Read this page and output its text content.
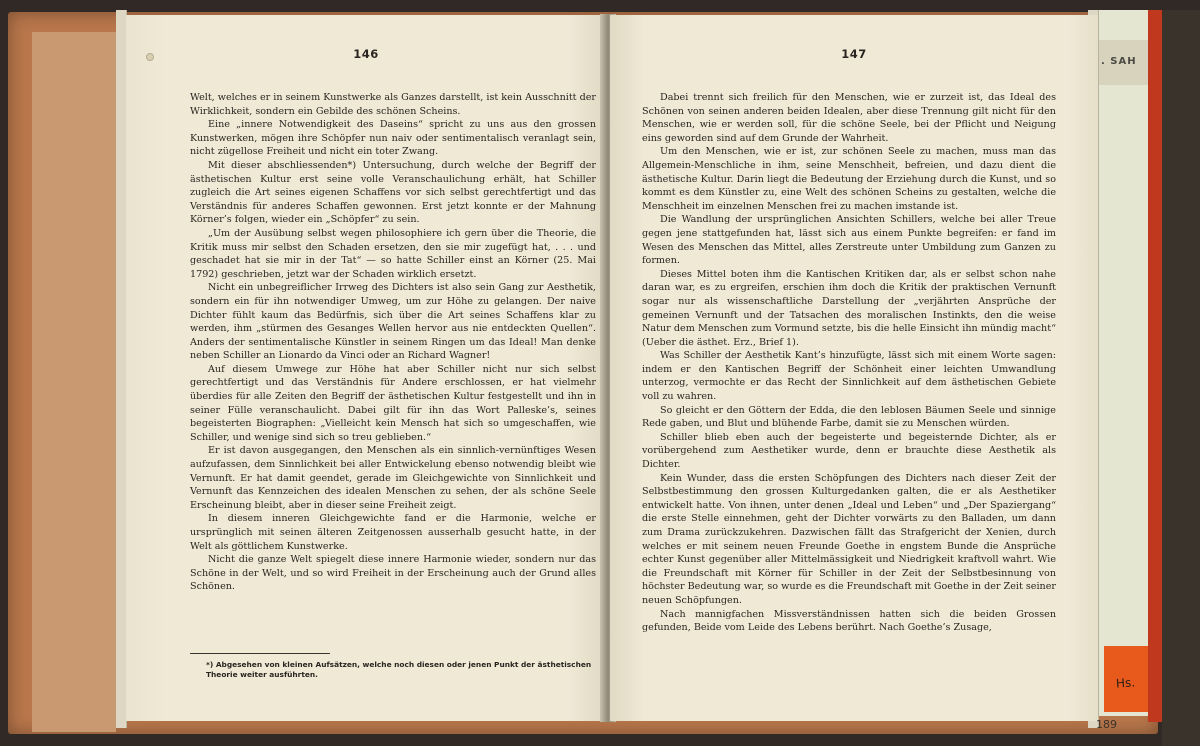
146

Welt, welches er in seinem Kunstwerke als Ganzes darstellt, ist kein Ausschnitt der Wirklichkeit, sondern ein Gebilde des schönen Scheins.

Eine „innere Notwendigkeit des Daseins“ spricht zu uns aus den grossen Kunstwerken, mögen ihre Schöpfer nun naiv oder sentimentalisch veranlagt sein, nicht zügellose Freiheit und nicht ein toter Zwang.

Mit dieser abschliessenden*) Untersuchung, durch welche der Begriff der ästhetischen Kultur erst seine volle Veranschaulichung erhält, hat Schiller zugleich die Art seines eigenen Schaffens vor sich selbst gerechtfertigt und das Verständnis für anderes Schaffen gewonnen. Erst jetzt konnte er der Mahnung Körner’s folgen, wieder ein „Schöpfer“ zu sein.

„Um der Ausübung selbst wegen philosophiere ich gern über die Theorie, die Kritik muss mir selbst den Schaden ersetzen, den sie mir zugefügt hat, . . . und geschadet hat sie mir in der Tat“ — so hatte Schiller einst an Körner (25. Mai 1792) geschrieben, jetzt war der Schaden wirklich ersetzt.

Nicht ein unbegreiflicher Irrweg des Dichters ist also sein Gang zur Aesthetik, sondern ein für ihn notwendiger Umweg, um zur Höhe zu gelangen. Der naive Dichter fühlt kaum das Bedürfnis, sich über die Art seines Schaffens klar zu werden, ihm „stürmen des Gesanges Wellen hervor aus nie entdeckten Quellen“. Anders der sentimentalische Künstler in seinem Ringen um das Ideal! Man denke neben Schiller an Lionardo da Vinci oder an Richard Wagner!

Auf diesem Umwege zur Höhe hat aber Schiller nicht nur sich selbst gerechtfertigt und das Verständnis für Andere erschlossen, er hat vielmehr überdies für alle Zeiten den Begriff der ästhetischen Kultur festgestellt und ihn in seiner Fülle veranschaulicht. Dabei gilt für ihn das Wort Palleske’s, seines begeisterten Biographen: „Vielleicht kein Mensch hat sich so umgeschaffen, wie Schiller, und wenige sind sich so treu geblieben.“

Er ist davon ausgegangen, den Menschen als ein sinnlich-vernünftiges Wesen aufzufassen, dem Sinnlichkeit bei aller Entwickelung ebenso notwendig bleibt wie Vernunft. Er hat damit geendet, gerade im Gleichgewichte von Sinnlichkeit und Vernunft das Kennzeichen des idealen Menschen zu sehen, der als schöne Seele Erscheinung bleibt, aber in dieser seine Freiheit zeigt.

In diesem inneren Gleichgewichte fand er die Harmonie, welche er ursprünglich mit seinen älteren Zeitgenossen ausserhalb gesucht hatte, in der Welt als göttlichem Kunstwerke.

Nicht die ganze Welt spiegelt diese innere Harmonie wieder, sondern nur das Schöne in der Welt, und so wird Freiheit in der Erscheinung auch der Grund alles Schönen.

*) Abgesehen von kleinen Aufsätzen, welche noch diesen oder jenen Punkt der ästhetischen Theorie weiter ausführten.
147

Dabei trennt sich freilich für den Menschen, wie er zurzeit ist, das Ideal des Schönen von seinen anderen beiden Idealen, aber diese Trennung gilt nicht für den Menschen, wie er werden soll, für die schöne Seele, bei der Pflicht und Neigung eins geworden sind auf dem Grunde der Wahrheit.

Um den Menschen, wie er ist, zur schönen Seele zu machen, muss man das Allgemein-Menschliche in ihm, seine Menschheit, befreien, und dazu dient die ästhetische Kultur. Darin liegt die Bedeutung der Erziehung durch die Kunst, und so kommt es dem Künstler zu, eine Welt des schönen Scheins zu gestalten, welche die Menschheit im einzelnen Menschen frei zu machen imstande ist.

Die Wandlung der ursprünglichen Ansichten Schillers, welche bei aller Treue gegen jene stattgefunden hat, lässt sich aus einem Punkte begreifen: er fand im Wesen des Menschen das Mittel, alles Zerstreute unter Umbildung zum Ganzen zu formen.

Dieses Mittel boten ihm die Kantischen Kritiken dar, als er selbst schon nahe daran war, es zu ergreifen, erschien ihm doch die Kritik der praktischen Vernunft sogar nur als wissenschaftliche Darstellung der „verjährten Ansprüche der gemeinen Vernunft und der Tatsachen des moralischen Instinkts, den die weise Natur dem Menschen zum Vormund setzte, bis die helle Einsicht ihn mündig macht“ (Ueber die ästhet. Erz., Brief 1).

Was Schiller der Aesthetik Kant’s hinzufügte, lässt sich mit einem Worte sagen: indem er den Kantischen Begriff der Schönheit einer leichten Umwandlung unterzog, vermochte er das Recht der Sinnlichkeit auf dem ästhetischen Gebiete voll zu wahren.

So gleicht er den Göttern der Edda, die den leblosen Bäumen Seele und sinnige Rede gaben, und Blut und blühende Farbe, damit sie zu Menschen würden.

Schiller blieb eben auch der begeisterte und begeisternde Dichter, als er vorübergehend zum Aesthetiker wurde, denn er brauchte diese Aesthetik als Dichter.

Kein Wunder, dass die ersten Schöpfungen des Dichters nach dieser Zeit der Selbstbestimmung den grossen Kulturgedanken galten, die er als Aesthetiker entwickelt hatte. Von ihnen, unter denen „Ideal und Leben“ und „Der Spaziergang“ die erste Stelle einnehmen, geht der Dichter vorwärts zu den Balladen, um dann zum Drama zurückzukehren. Dazwischen fällt das Strafgericht der Xenien, durch welches er mit seinem neuen Freunde Goethe in engstem Bunde die Ansprüche echter Kunst gegenüber aller Mittelmässigkeit und Niedrigkeit kraftvoll wahrt. Wie die Freundschaft mit Körner für Schiller in der Zeit der Selbstbesinnung von höchster Bedeutung war, so wurde es die Freundschaft mit Goethe in der Zeit seiner neuen Schöpfungen.

Nach mannigfachen Missverständnissen hatten sich die beiden Grossen gefunden, Beide vom Leide des Lebens berührt. Nach Goethe’s Zusage,

. SAH
Hs.
189
